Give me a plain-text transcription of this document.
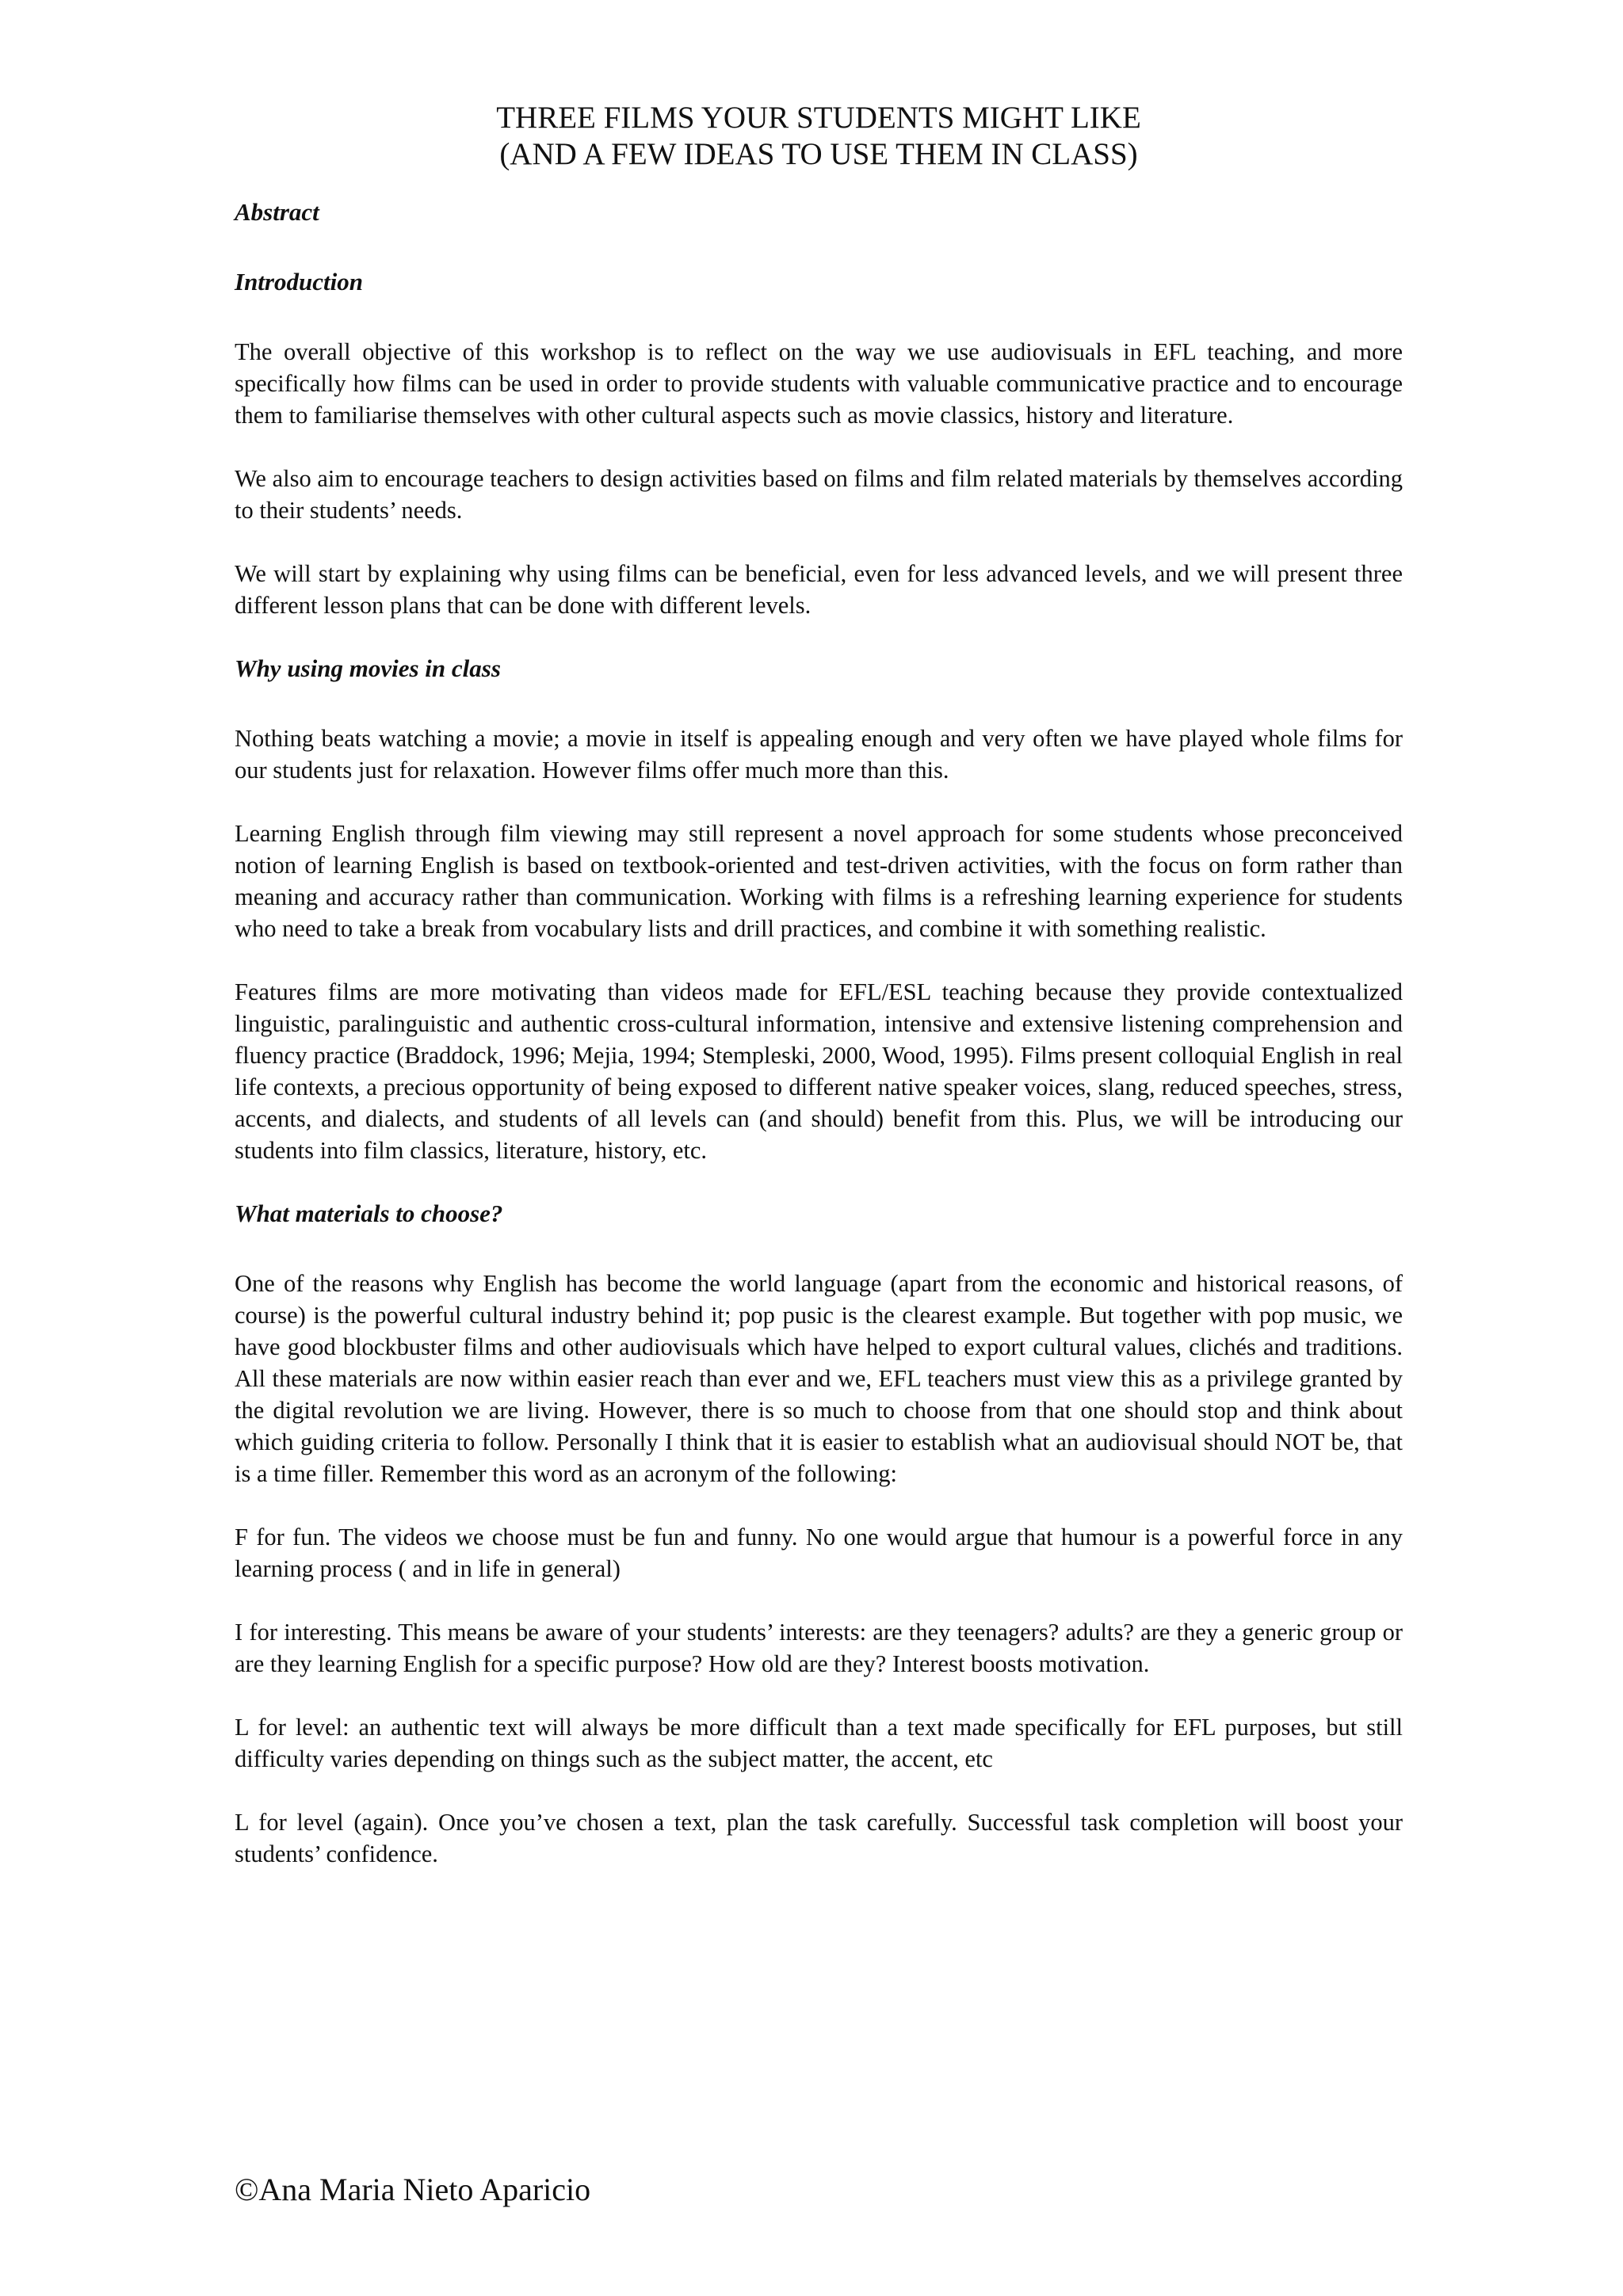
THREE FILMS YOUR STUDENTS MIGHT LIKE
(AND A FEW IDEAS TO USE THEM IN CLASS)
Abstract
Introduction

The overall objective of this workshop is to reflect on the way we use audiovisuals in EFL teaching, and more specifically how films can be used in order to provide students with valuable communicative practice and to encourage them to familiarise themselves with other cultural aspects such as movie classics, history and literature.

We also aim to encourage teachers to design activities based on films and film related materials by themselves according to their students’ needs.

We will start by explaining why using films can be beneficial, even for less advanced levels, and we will present three different lesson plans that can be done with different levels.

Why using movies in class

Nothing beats watching a movie; a movie in itself is appealing enough and very often we have played whole films for our students just for relaxation. However films offer much more than this.

Learning English through film viewing may still represent a novel approach for some students whose preconceived notion of learning English is based on textbook-oriented and test-driven activities, with the focus on form rather than meaning and accuracy rather than communication. Working with films is a refreshing learning experience for students who need to take a break from vocabulary lists and drill practices, and combine it with something realistic.

Features films are more motivating than videos made for EFL/ESL teaching because they provide contextualized linguistic, paralinguistic and authentic cross-cultural information, intensive and extensive listening comprehension and fluency practice (Braddock, 1996; Mejia, 1994; Stempleski, 2000, Wood, 1995). Films present colloquial English in real life contexts, a precious opportunity of being exposed to different native speaker voices, slang, reduced speeches, stress, accents, and dialects, and students of all levels can (and should) benefit from this. Plus, we will be introducing our students into film classics, literature, history, etc.

What materials to choose?

One of the reasons why English has become the world language (apart from the economic and historical reasons, of course) is the powerful cultural industry behind it; pop pusic is the clearest example. But together with pop music, we have good blockbuster films and other audiovisuals which have helped to export cultural values, clichés and traditions. All these materials are now within easier reach than ever and we, EFL teachers must view this as a privilege granted by the digital revolution we are living. However, there is so much to choose from that one should stop and think about which guiding criteria to follow. Personally I think that it is easier to establish what an audiovisual should NOT be, that is a time filler. Remember this word as an acronym of the following:

F for fun. The videos we choose must be fun and funny. No one would argue that humour is a powerful force in any learning process ( and in life in general)

I for interesting. This means be aware of your students’ interests: are they teenagers? adults? are they a generic group or are they learning English for a specific purpose? How old are they? Interest boosts motivation.

L for level: an authentic text will always be more difficult than a text made specifically for EFL purposes, but still difficulty varies depending on things such as the subject matter, the accent, etc

L for level (again). Once you’ve chosen a text, plan the task carefully. Successful task completion will boost your students’ confidence.

©Ana Maria Nieto Aparicio
